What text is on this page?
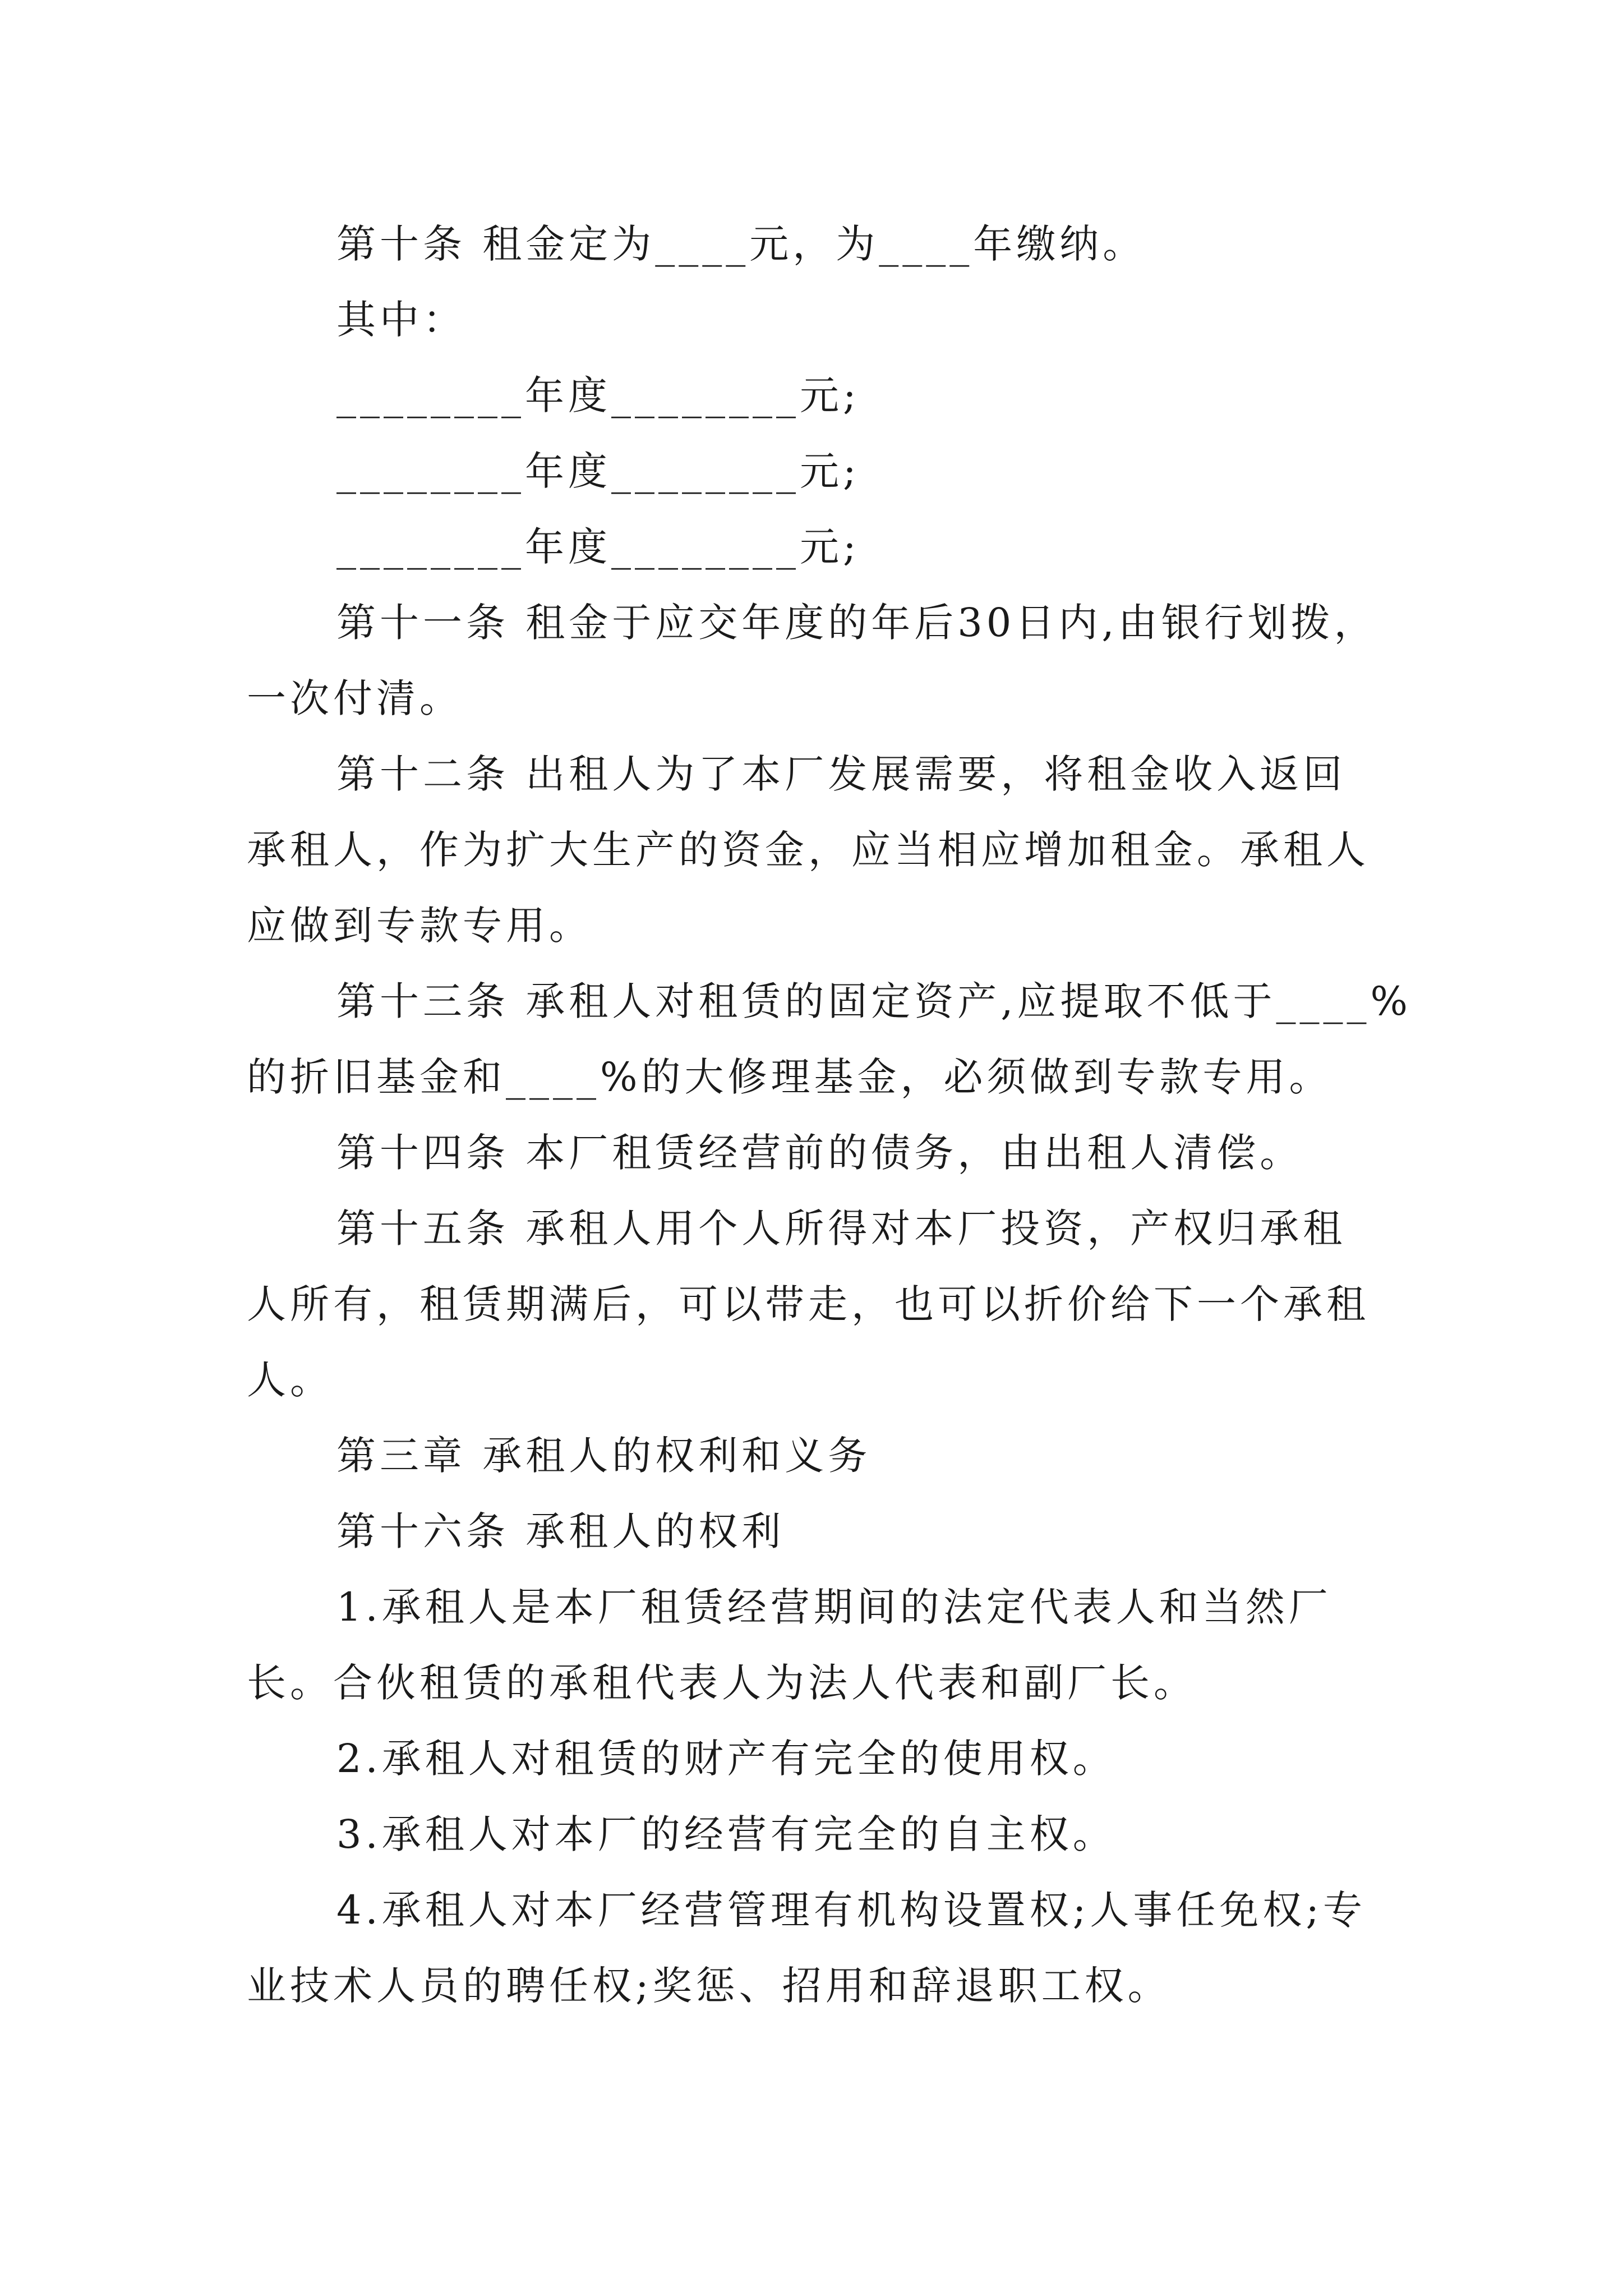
第十条 租金定为____元，为____年缴纳。
其中：
________年度________元;
________年度________元;
________年度________元;
第十一条 租金于应交年度的年后30日内,由银行划拨，
一次付清。
第十二条 出租人为了本厂发展需要，将租金收入返回
承租人，作为扩大生产的资金，应当相应增加租金。承租人
应做到专款专用。
第十三条 承租人对租赁的固定资产,应提取不低于____%
的折旧基金和____%的大修理基金，必须做到专款专用。
第十四条 本厂租赁经营前的债务，由出租人清偿。
第十五条 承租人用个人所得对本厂投资，产权归承租
人所有，租赁期满后，可以带走，也可以折价给下一个承租
人。
第三章 承租人的权利和义务
第十六条 承租人的权利
1.承租人是本厂租赁经营期间的法定代表人和当然厂
长。合伙租赁的承租代表人为法人代表和副厂长。
2.承租人对租赁的财产有完全的使用权。
3.承租人对本厂的经营有完全的自主权。
4.承租人对本厂经营管理有机构设置权;人事任免权;专
业技术人员的聘任权;奖惩、招用和辞退职工权。
